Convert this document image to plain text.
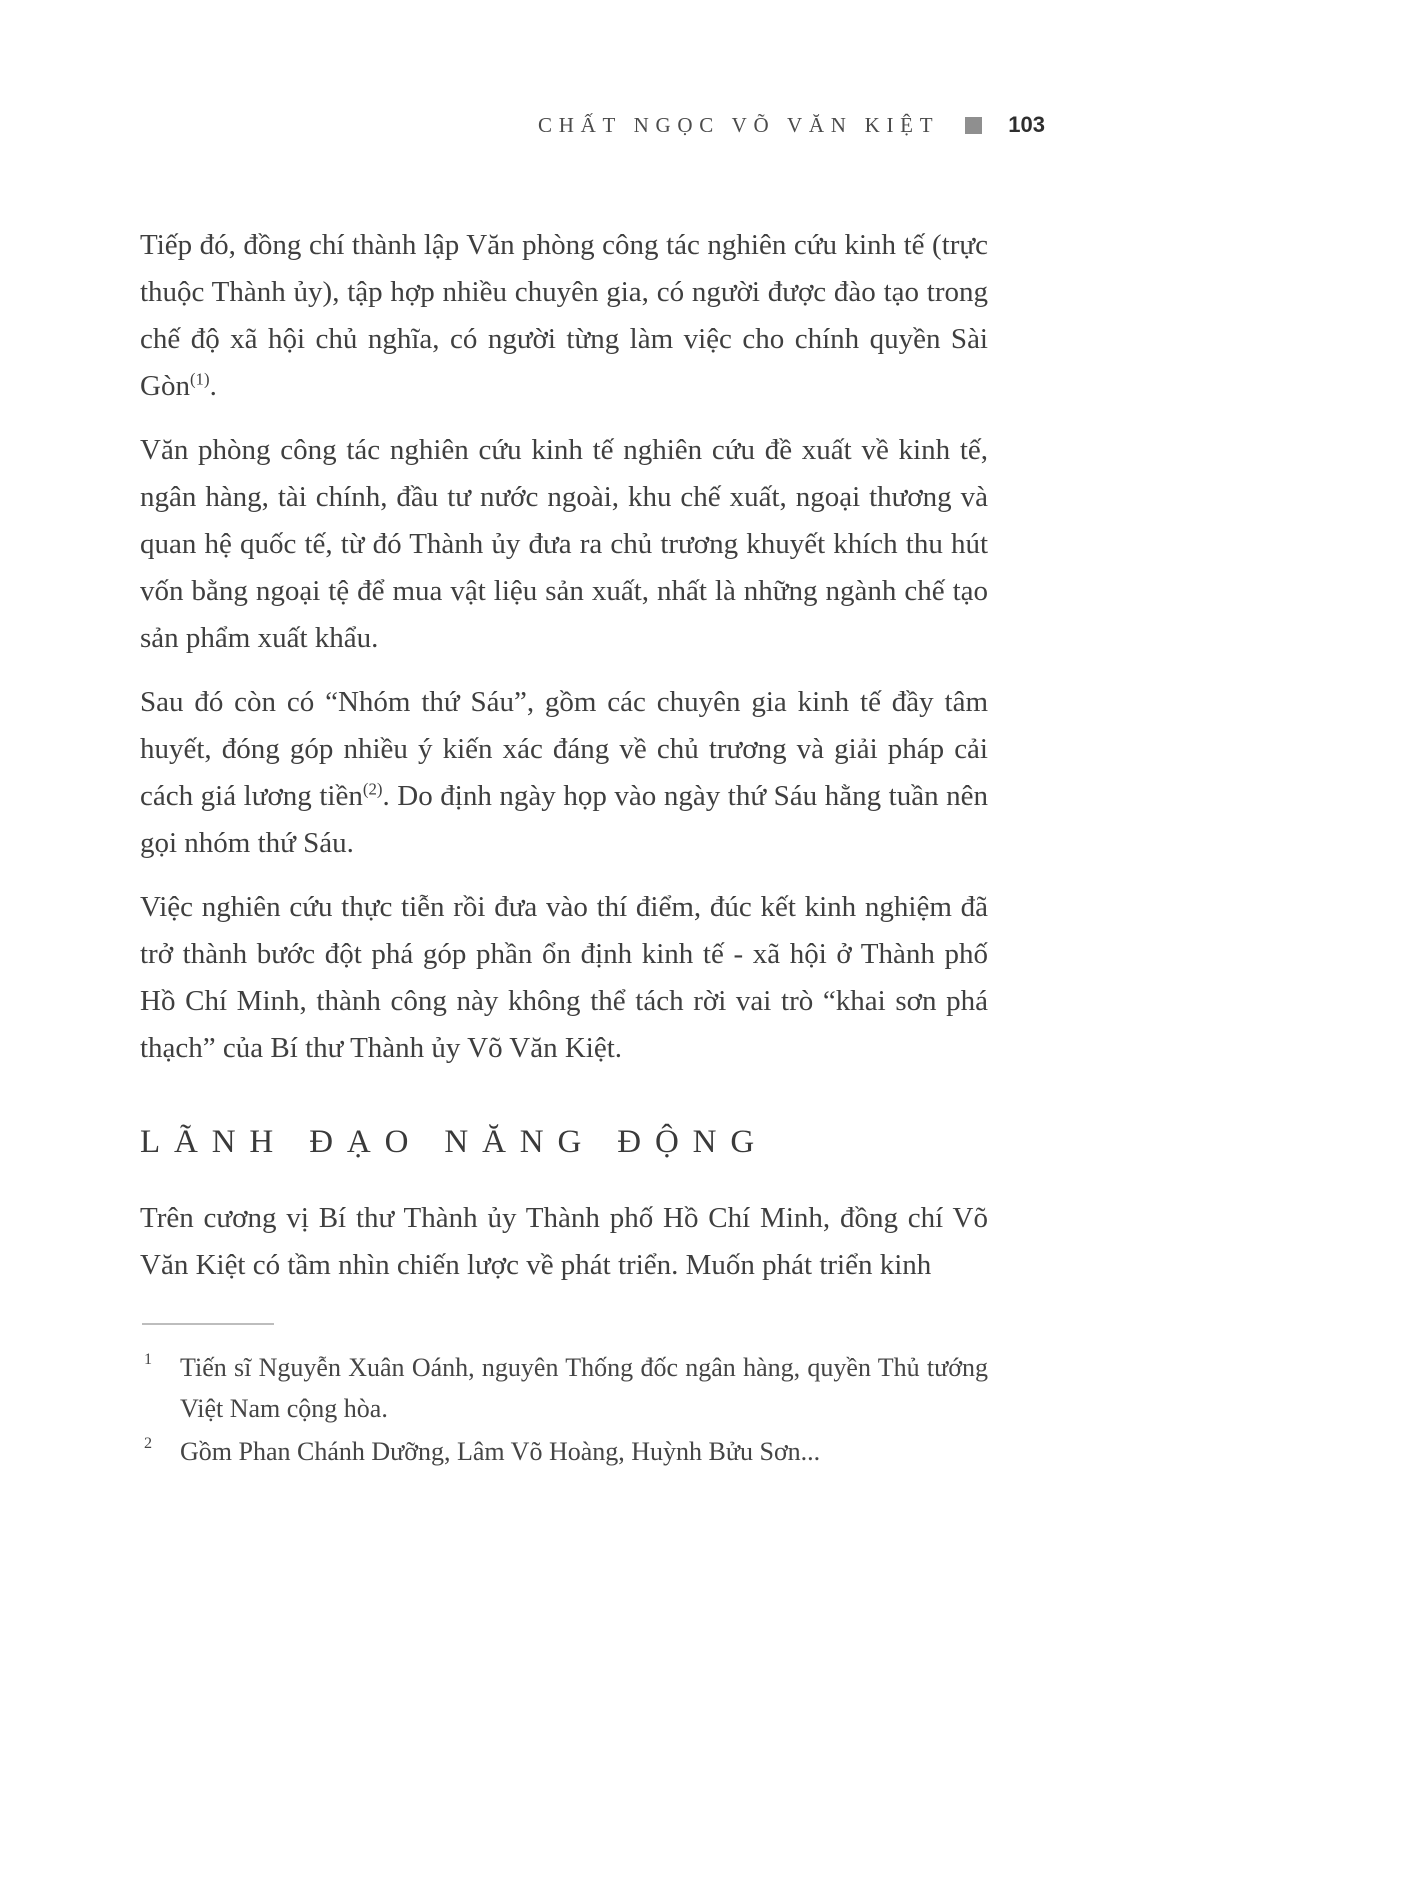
CHẤT NGỌC VÕ VĂN KIỆT	103

Tiếp đó, đồng chí thành lập Văn phòng công tác nghiên cứu kinh tế (trực thuộc Thành ủy), tập hợp nhiều chuyên gia, có người được đào tạo trong chế độ xã hội chủ nghĩa, có người từng làm việc cho chính quyền Sài Gòn$^{(1)}$.

Văn phòng công tác nghiên cứu kinh tế nghiên cứu đề xuất về kinh tế, ngân hàng, tài chính, đầu tư nước ngoài, khu chế xuất, ngoại thương và quan hệ quốc tế, từ đó Thành ủy đưa ra chủ trương khuyết khích thu hút vốn bằng ngoại tệ để mua vật liệu sản xuất, nhất là những ngành chế tạo sản phẩm xuất khẩu.

Sau đó còn có “Nhóm thứ Sáu”, gồm các chuyên gia kinh tế đầy tâm huyết, đóng góp nhiều ý kiến xác đáng về chủ trương và giải pháp cải cách giá lương tiền$^{(2)}$. Do định ngày họp vào ngày thứ Sáu hằng tuần nên gọi nhóm thứ Sáu.

Việc nghiên cứu thực tiễn rồi đưa vào thí điểm, đúc kết kinh nghiệm đã trở thành bước đột phá góp phần ổn định kinh tế - xã hội ở Thành phố Hồ Chí Minh, thành công này không thể tách rời vai trò “khai sơn phá thạch” của Bí thư Thành ủy Võ Văn Kiệt.

LÃNH ĐẠO NĂNG ĐỘNG

Trên cương vị Bí thư Thành ủy Thành phố Hồ Chí Minh, đồng chí Võ Văn Kiệt có tầm nhìn chiến lược về phát triển. Muốn phát triển kinh

1	Tiến sĩ Nguyễn Xuân Oánh, nguyên Thống đốc ngân hàng, quyền Thủ tướng Việt Nam cộng hòa.
2	Gồm Phan Chánh Dưỡng, Lâm Võ Hoàng, Huỳnh Bửu Sơn...
